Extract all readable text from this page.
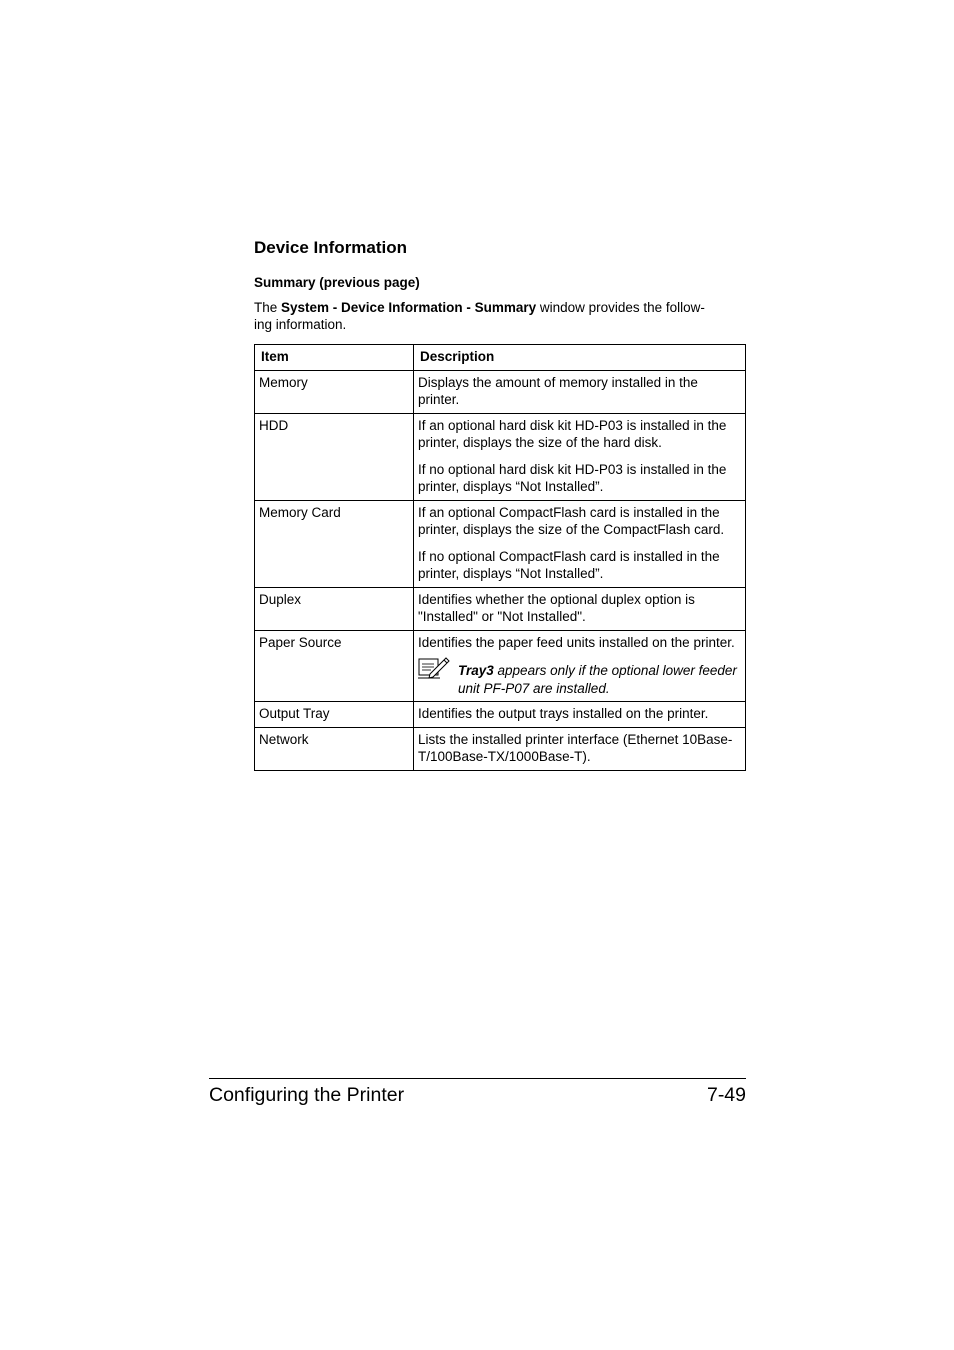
Device Information
Summary (previous page)

The System - Device Information - Summary window provides the follow-
ing information.

Item	Description
Memory	Displays the amount of memory installed in the printer.

HDD	If an optional hard disk kit HD-P03 is installed in the printer, displays the size of the hard disk.
If no optional hard disk kit HD-P03 is installed in the printer, displays “Not Installed”.

Memory Card	If an optional CompactFlash card is installed in the printer, displays the size of the CompactFlash card.
If no optional CompactFlash card is installed in the printer, displays “Not Installed”.

Duplex	Identifies whether the optional duplex option is "Installed" or "Not Installed".

Paper Source	Identifies the paper feed units installed on the printer.
Tray3 appears only if the optional lower feeder unit PF-P07 are installed.

Output Tray	Identifies the output trays installed on the printer.

Network	Lists the installed printer interface (Ethernet 10Base-T/100Base-TX/1000Base-T).
Configuring the Printer	7-49
